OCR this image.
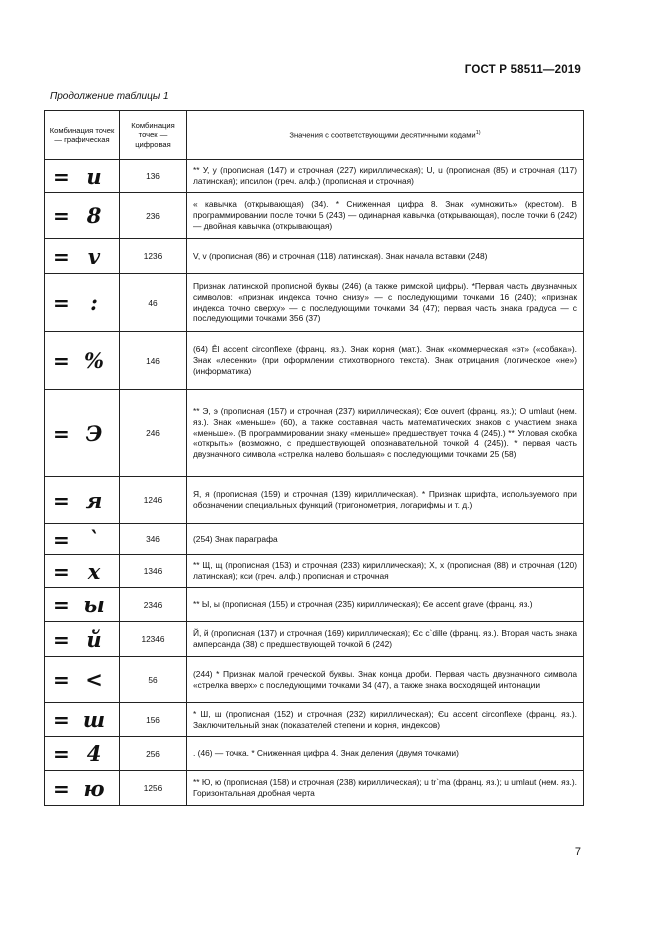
ГОСТ Р 58511—2019
Продолжение таблицы 1
Комбинация точек — графическая	Комбинация точек — цифровая	Значения с соответствующими десятичными кодами$^{1)}$
= u	136	** У, у (прописная (147) и строчная (227) кириллическая); U, u (прописная (85) и строчная (117) латинская); ипсилон (греч. алф.) (прописная и строчная)
= 8	236	« кавычка (открывающая) (34). * Сниженная цифра 8. Знак «умножить» (крестом). В программировании после точки 5 (243) — одинарная кавычка (открывающая), после точки 6 (242) — двойная кавычка (открывающая)
= v	1236	V, v (прописная (86) и строчная (118) латинская). Знак начала вставки (248)
= :	46	Признак латинской прописной буквы (246) (а также римской цифры). *Первая часть двузначных символов: «признак индекса точно снизу» — с последующими точками 16 (240); «признак индекса точно сверху» — с последующими точками 34 (47); первая часть знака градуса — с последующими точками 356 (37)
= %	146	(64) Êl accent circonflexe (франц. яз.). Знак корня (мат.). Знак «коммерческая «эт» («собака»). Знак «лесенки» (при оформлении стихотворного текста). Знак отрицания (логическое «не») (информатика)
= Э	246	** Э, э (прописная (157) и строчная (237) кириллическая); Єœ ouvert (франц. яз.); O umlaut (нем. яз.). Знак «меньше» (60), а также составная часть математических знаков с участием знака «меньше». (В программировании знаку «меньше» предшествует точка 4 (245).) ** Угловая скобка «открыть» (возможно, с предшествующей опознавательной точкой 4 (245)). * первая часть двузначного символа «стрелка налево большая» с последующими точками 25 (58)
= я	1246	Я, я (прописная (159) и строчная (139) кириллическая). * Признак шрифта, используемого при обозначении специальных функций (тригонометрия, логарифмы и т. д.)
= `	346	(254) Знак параграфа
= х	1346	** Щ, щ (прописная (153) и строчная (233) кириллическая); X, x (прописная (88) и строчная (120) латинская); кси (греч. алф.) прописная и строчная
= ы	2346	** Ы, ы (прописная (155) и строчная (235) кириллическая); Єе accent grave (франц. яз.)
= й	12346	Й, й (прописная (137) и строчная (169) кириллическая); Єс с`dille (франц. яз.). Вторая часть знака амперсанда (38) с предшествующей точкой 6 (242)
= <	56	(244) * Признак малой греческой буквы. Знак конца дроби. Первая часть двузначного символа «стрелка вверх» с последующими точками 34 (47), а также знака восходящей интонации
= ш	156	* Ш, ш (прописная (152) и строчная (232) кириллическая); Єu accent circonflexe (франц. яз.). Заключительный знак (показателей степени и корня, индексов)
= 4	256	. (46) — точка. * Сниженная цифра 4. Знак деления (двумя точками)
= ю	1256	** Ю, ю (прописная (158) и строчная (238) кириллическая); u tr`ma (франц. яз.); u umlaut (нем. яз.). Горизонтальная дробная черта
7
